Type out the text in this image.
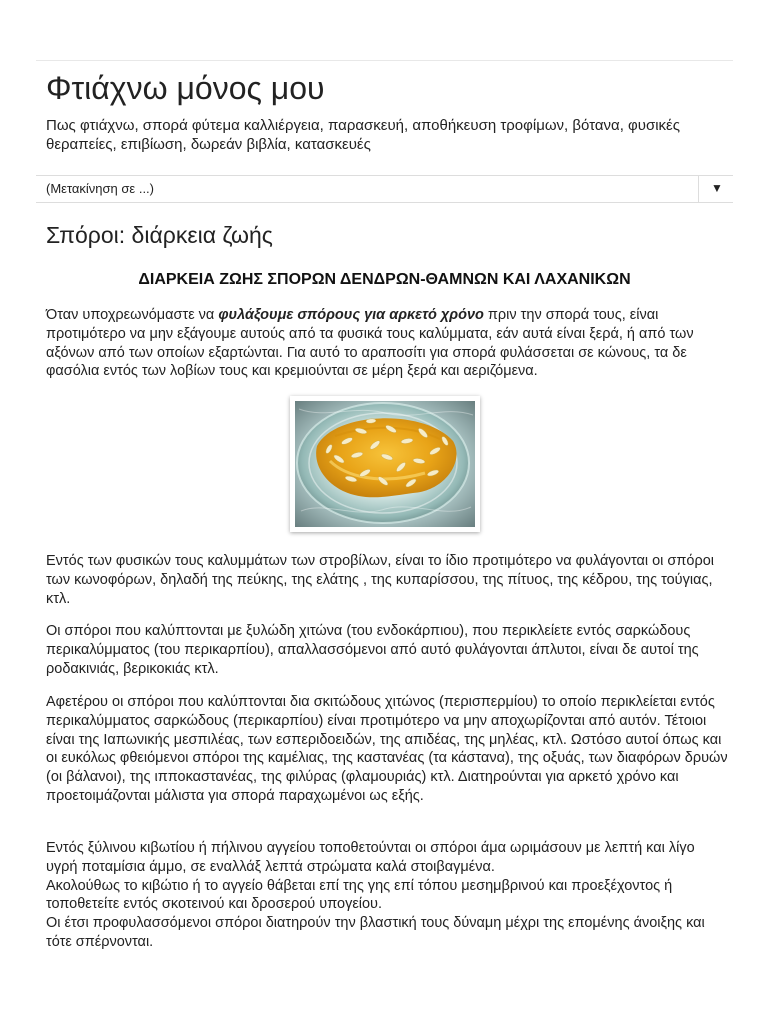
Φτιάχνω μόνος μου

Πως φτιάχνω, σπορά φύτεμα καλλιέργεια, παρασκευή, αποθήκευση τροφίμων, βότανα, φυσικές θεραπείες, επιβίωση, δωρεάν βιβλία, κατασκευές

(Μετακίνηση σε ...)	▼
Σπόροι: διάρκεια ζωής
ΔΙΑΡΚΕΙΑ ΖΩΗΣ ΣΠΟΡΩΝ ΔΕΝΔΡΩΝ-ΘΑΜΝΩΝ ΚΑΙ ΛΑΧΑΝΙΚΩΝ

Όταν υποχρεωνόμαστε να φυλάξουμε σπόρους για αρκετό χρόνο πριν την σπορά τους, είναι προτιμότερο να μην εξάγουμε αυτούς από τα φυσικά τους καλύμματα, εάν αυτά είναι ξερά, ή από των αξόνων από των οποίων εξαρτώνται. Για αυτό το αραποσίτι για σπορά φυλάσσεται σε κώνους, τα δε φασόλια εντός των λοβίων τους και κρεμιούνται σε μέρη ξερά και αεριζόμενα.

Εντός των φυσικών τους καλυμμάτων των στροβίλων, είναι το ίδιο προτιμότερο να φυλάγονται οι σπόροι των κωνοφόρων, δηλαδή της πεύκης, της ελάτης , της κυπαρίσσου, της πίτυος, της κέδρου, της τούγιας, κτλ.

Οι σπόροι που καλύπτονται με ξυλώδη χιτώνα (του ενδοκάρπιου), που περικλείετε εντός σαρκώδους περικαλύμματος (του περικαρπίου), απαλλασσόμενοι από αυτό φυλάγονται άπλυτοι, είναι δε αυτοί της ροδακινιάς, βερικοκιάς κτλ.

Αφετέρου οι σπόροι που καλύπτονται δια σκιτώδους χιτώνος (περισπερμίου) το οποίο περικλείεται εντός περικαλύμματος σαρκώδους (περικαρπίου) είναι προτιμότερο να μην αποχωρίζονται από αυτόν. Τέτοιοι είναι της Ιαπωνικής μεσπιλέας, των εσπεριδοειδών, της απιδέας, της μηλέας, κτλ. Ωστόσο αυτοί όπως και οι ευκόλως φθειόμενοι σπόροι της καμέλιας, της καστανέας (τα κάστανα), της οξυάς, των διαφόρων δρυών (οι βάλανοι), της ιπποκαστανέας, της φιλύρας (φλαμουριάς) κτλ. Διατηρούνται για αρκετό χρόνο και προετοιμάζονται μάλιστα για σπορά παραχωμένοι ως εξής.

Εντός ξύλινου κιβωτίου ή πήλινου αγγείου τοποθετούνται οι σπόροι άμα ωριμάσουν με λεπτή και λίγο υγρή ποταμίσια άμμο, σε εναλλάξ λεπτά στρώματα καλά στοιβαγμένα.
Ακολούθως το κιβώτιο ή το αγγείο θάβεται επί της γης επί τόπου μεσημβρινού και προεξέχοντος ή τοποθετείτε εντός σκοτεινού και δροσερού υπογείου.
Οι έτσι προφυλασσόμενοι σπόροι διατηρούν την βλαστική τους δύναμη μέχρι της επομένης άνοιξης και τότε σπέρνονται.
